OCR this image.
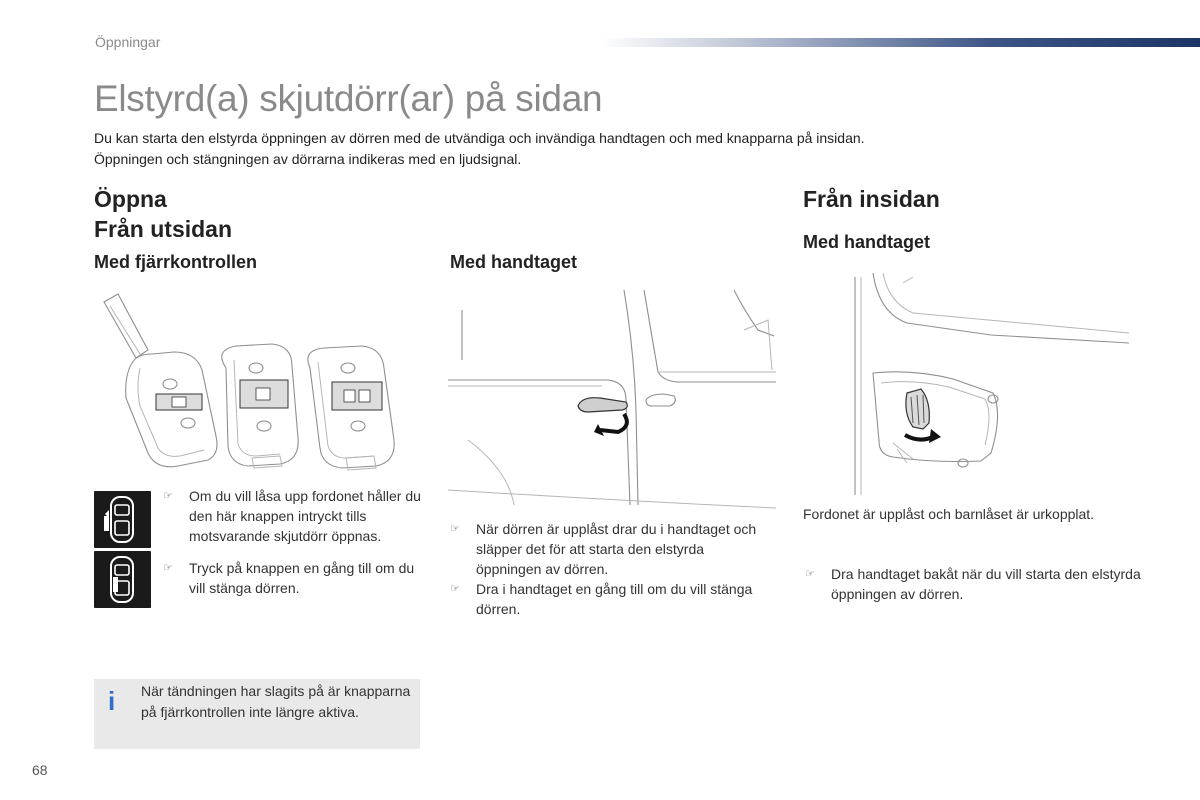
Öppningar
Elstyrd(a) skjutdörr(ar) på sidan

Du kan starta den elstyrda öppningen av dörren med de utvändiga och invändiga handtagen och med knapparna på insidan.

Öppningen och stängningen av dörrarna indikeras med en ljudsignal.

Öppna
Från utsidan
Med fjärrkontrollen	Med handtaget
Från insidan
Med handtaget
☞ Om du vill låsa upp fordonet håller du den här knappen intryckt tills motsvarande skjutdörr öppnas.
☞ Tryck på knappen en gång till om du vill stänga dörren.
☞ När dörren är upplåst drar du i handtaget och släpper det för att starta den elstyrda öppningen av dörren.
☞ Dra i handtaget en gång till om du vill stänga dörren.
Fordonet är upplåst och barnlåset är urkopplat.
☞ Dra handtaget bakåt när du vill starta den elstyrda öppningen av dörren.
i När tändningen har slagits på är knapparna på fjärrkontrollen inte längre aktiva.
68
